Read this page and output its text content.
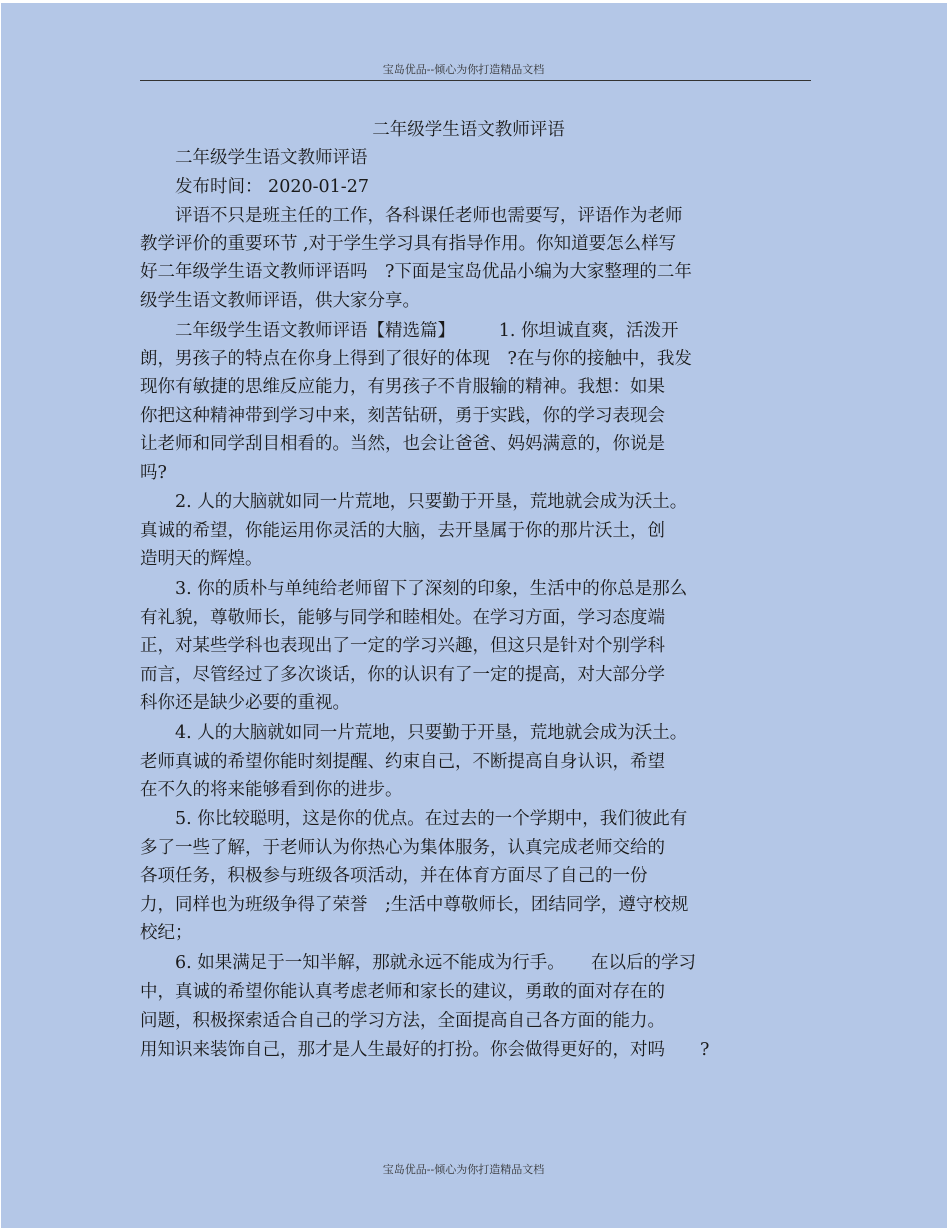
宝岛优品--倾心为你打造精品文档
二年级学生语文教师评语
　　二年级学生语文教师评语
　　发布时间： 2020-01-27
　　评语不只是班主任的工作，各科课任老师也需要写，评语作为老师
教学评价的重要环节 ,对于学生学习具有指导作用。你知道要怎么样写
好二年级学生语文教师评语吗　?下面是宝岛优品小编为大家整理的二年
级学生语文教师评语，供大家分享。
　　二年级学生语文教师评语【精选篇】　　　1. 你坦诚直爽，活泼开
朗，男孩子的特点在你身上得到了很好的体现　?在与你的接触中，我发
现你有敏捷的思维反应能力，有男孩子不肯服输的精神。我想：如果
你把这种精神带到学习中来，刻苦钻研，勇于实践，你的学习表现会
让老师和同学刮目相看的。当然，也会让爸爸、妈妈满意的，你说是
吗?
　　2. 人的大脑就如同一片荒地，只要勤于开垦，荒地就会成为沃土。
真诚的希望，你能运用你灵活的大脑，去开垦属于你的那片沃土，创
造明天的辉煌。
　　3. 你的质朴与单纯给老师留下了深刻的印象，生活中的你总是那么
有礼貌，尊敬师长，能够与同学和睦相处。在学习方面，学习态度端
正，对某些学科也表现出了一定的学习兴趣，但这只是针对个别学科
而言，尽管经过了多次谈话，你的认识有了一定的提高，对大部分学
科你还是缺少必要的重视。
　　4. 人的大脑就如同一片荒地，只要勤于开垦，荒地就会成为沃土。
老师真诚的希望你能时刻提醒、约束自己，不断提高自身认识，希望
在不久的将来能够看到你的进步。
　　5. 你比较聪明，这是你的优点。在过去的一个学期中，我们彼此有
多了一些了解，于老师认为你热心为集体服务，认真完成老师交给的
各项任务，积极参与班级各项活动，并在体育方面尽了自己的一份
力，同样也为班级争得了荣誉　;生活中尊敬师长，团结同学，遵守校规
校纪；
　　6. 如果满足于一知半解，那就永远不能成为行手。　　在以后的学习
中，真诚的希望你能认真考虑老师和家长的建议，勇敢的面对存在的
问题，积极探索适合自己的学习方法，全面提高自己各方面的能力。
用知识来装饰自己，那才是人生最好的打扮。你会做得更好的，对吗　　?
宝岛优品--倾心为你打造精品文档
